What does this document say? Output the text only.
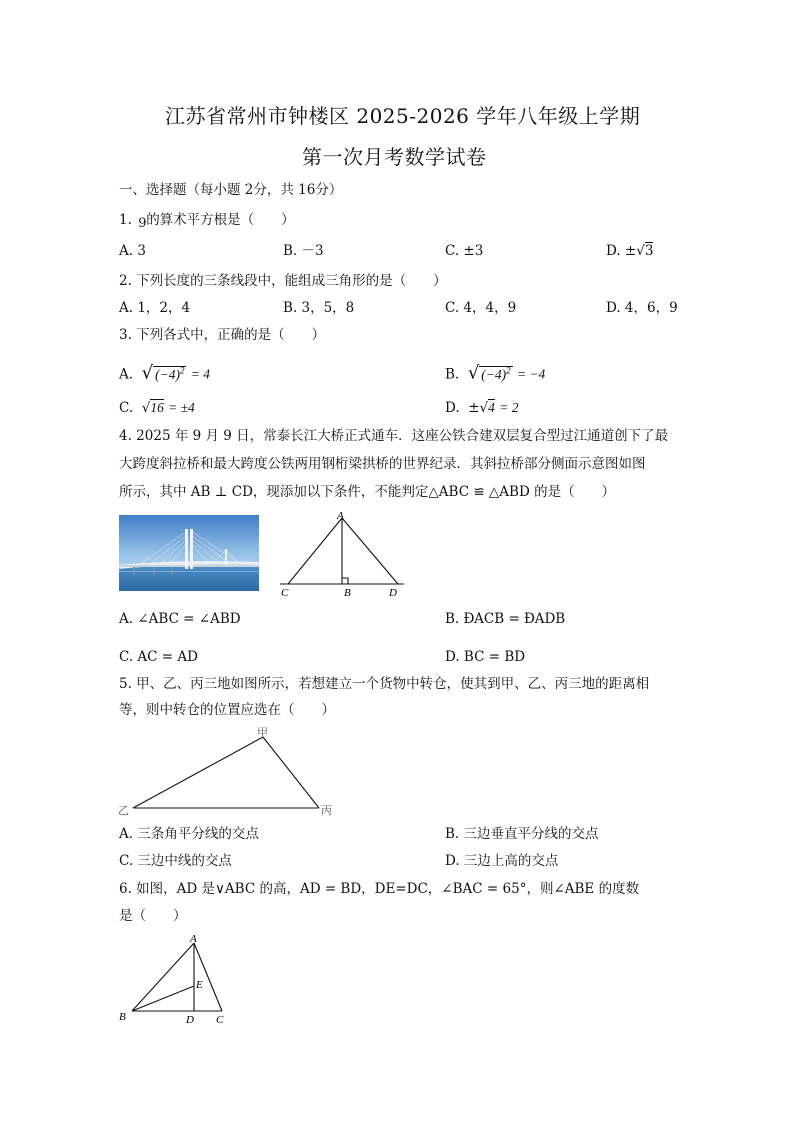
江苏省常州市钟楼区 2025-2026 学年八年级上学期
第一次月考数学试卷
一、选择题（每小题 2分，共 16分）
1. 9 的算术平方根是（　　）
A. 3	B. －3	C. ±3	D. ±√3
2. 下列长度的三条线段中，能组成三角形的是（　　）
A. 1，2，4	B. 3，5，8	C. 4，4，9	D. 4，6，9
3. 下列各式中，正确的是（　　）
A. √ $(-4)^2 = 4$	B. √ $(-4)^2 = -4$
C. √16 = ±4	D. ±√4 = 2
4. 2025 年 9 月 9 日，常泰长江大桥正式通车．这座公铁合建双层复合型过江通道创下了最
大跨度斜拉桥和最大跨度公铁两用钢桁梁拱桥的世界纪录．其斜拉桥部分侧面示意图如图
所示，其中 AB ⊥ CD，现添加以下条件，不能判定△ABC ≌ △ABD 的是（　　）
A
C	B	D
A. ∠ABC = ∠ABD	B. ÐACB = ÐADB
C. AC = AD	D. BC = BD
5. 甲、乙、丙三地如图所示，若想建立一个货物中转仓，使其到甲、乙、丙三地的距离相
等，则中转仓的位置应选在（　　）
甲
乙	丙
A. 三条角平分线的交点	B. 三边垂直平分线的交点
C. 三边中线的交点	D. 三边上高的交点
6. 如图，AD 是∨ABC 的高，AD = BD，DE=DC，∠BAC = 65°，则∠ABE 的度数
是（　　）
A
B	D C
E
